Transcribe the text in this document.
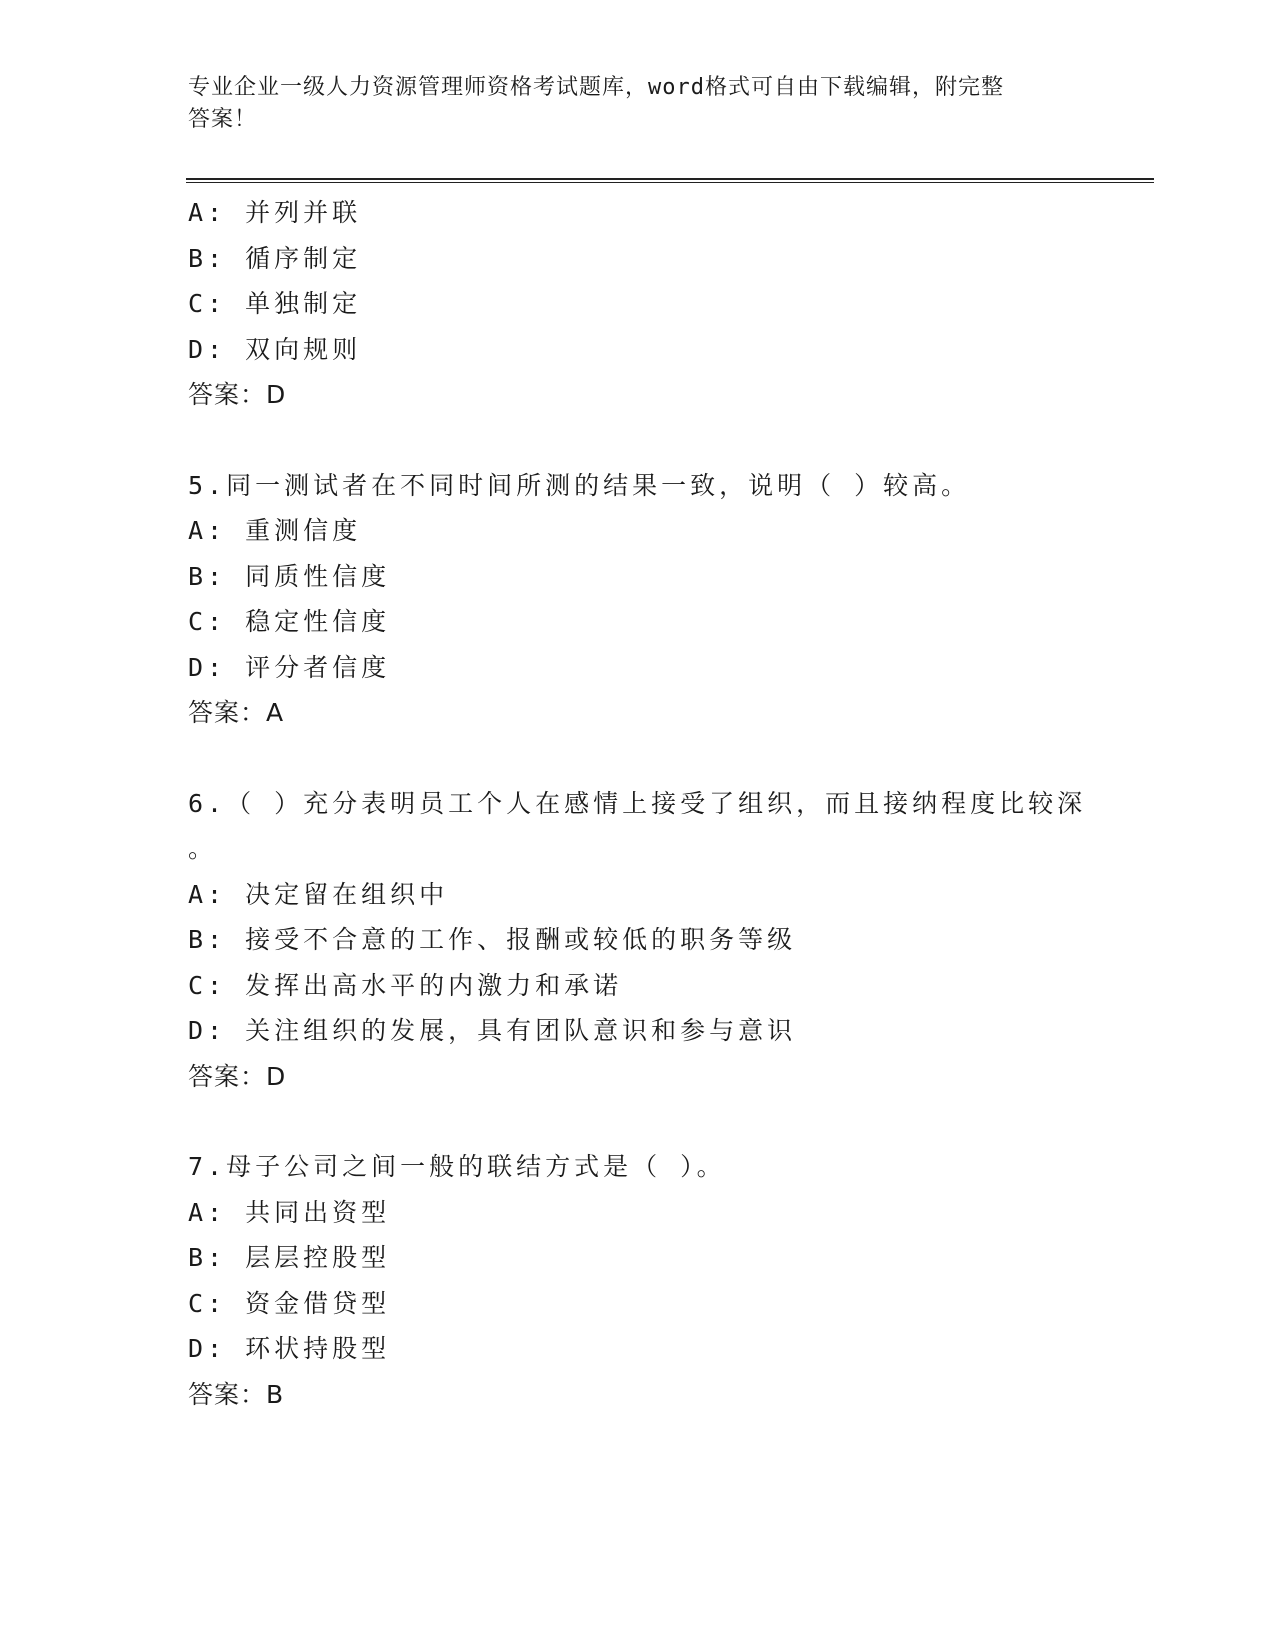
专业企业一级人力资源管理师资格考试题库，word格式可自由下载编辑，附完整
答案！
A: 并列并联
B: 循序制定
C: 单独制定
D: 双向规则
答案：D
5.同一测试者在不同时间所测的结果一致，说明（ ）较高。
A: 重测信度
B: 同质性信度
C: 稳定性信度
D: 评分者信度
答案：A
6.（ ）充分表明员工个人在感情上接受了组织，而且接纳程度比较深
。
A: 决定留在组织中
B: 接受不合意的工作、报酬或较低的职务等级
C: 发挥出高水平的内激力和承诺
D: 关注组织的发展，具有团队意识和参与意识
答案：D
7.母子公司之间一般的联结方式是（ ）。
A: 共同出资型
B: 层层控股型
C: 资金借贷型
D: 环状持股型
答案：B
